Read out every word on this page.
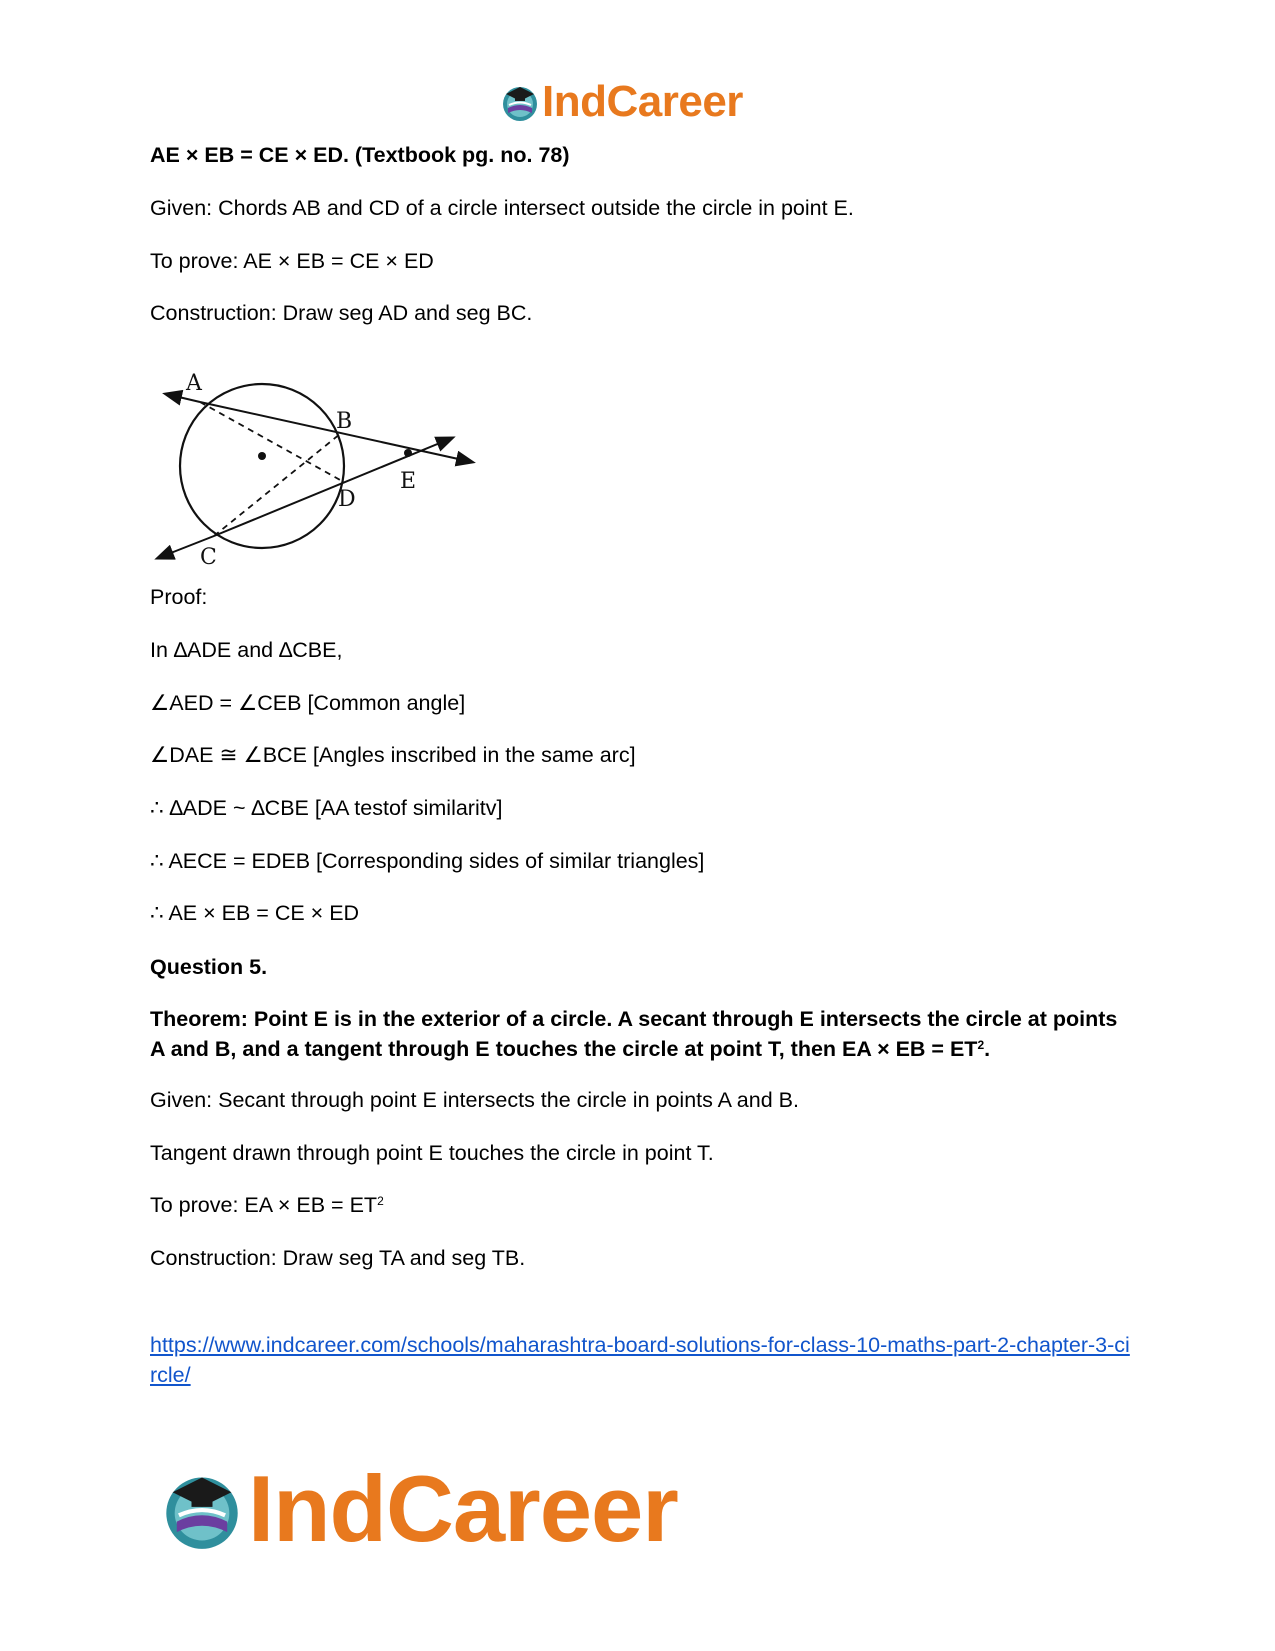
IndCareer
AE × EB = CE × ED. (Textbook pg. no. 78)
Given: Chords AB and CD of a circle intersect outside the circle in point E.
To prove: AE × EB = CE × ED
Construction: Draw seg AD and seg BC.
Proof:
In ∆ADE and ∆CBE,
∠AED = ∠CEB [Common angle]
∠DAE ≅ ∠BCE [Angles inscribed in the same arc]
∴ ∆ADE ~ ∆CBE [AA testof similaritv]
∴ AECE = EDEB [Corresponding sides of similar triangles]
∴ AE × EB = CE × ED
Question 5.
Theorem: Point E is in the exterior of a circle. A secant through E intersects the circle at points A and B, and a tangent through E touches the circle at point T, then EA × EB = $ET^2$.
Given: Secant through point E intersects the circle in points A and B.
Tangent drawn through point E touches the circle in point T.
To prove: EA × EB = $ET^2$
Construction: Draw seg TA and seg TB.
https://www.indcareer.com/schools/maharashtra-board-solutions-for-class-10-maths-part-2-chapter-3-circle/
A
B
D
E
C
IndCareer
